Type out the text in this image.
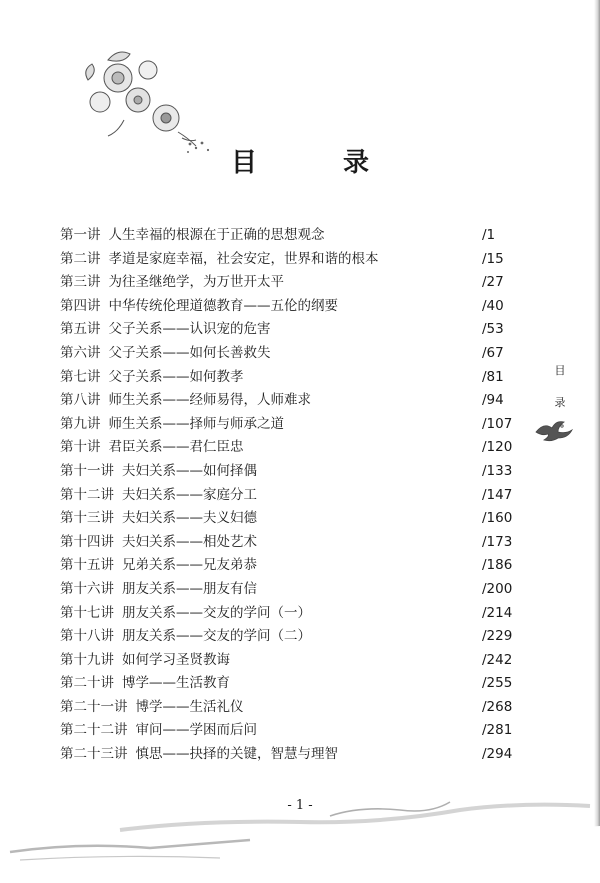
目　录
第一讲 人生幸福的根源在于正确的思想观念	/1
第二讲 孝道是家庭幸福，社会安定，世界和谐的根本	/15
第三讲 为往圣继绝学，为万世开太平	/27
第四讲 中华传统伦理道德教育——五伦的纲要	/40
第五讲 父子关系——认识宠的危害	/53
第六讲 父子关系——如何长善救失	/67
第七讲 父子关系——如何教孝	/81
第八讲 师生关系——经师易得，人师难求	/94
第九讲 师生关系——择师与师承之道	/107
第十讲 君臣关系——君仁臣忠	/120
第十一讲 夫妇关系——如何择偶	/133
第十二讲 夫妇关系——家庭分工	/147
第十三讲 夫妇关系——夫义妇德	/160
第十四讲 夫妇关系——相处艺术	/173
第十五讲 兄弟关系——兄友弟恭	/186
第十六讲 朋友关系——朋友有信	/200
第十七讲 朋友关系——交友的学问（一）	/214
第十八讲 朋友关系——交友的学问（二）	/229
第十九讲 如何学习圣贤教诲	/242
第二十讲 博学——生活教育	/255
第二十一讲 博学——生活礼仪	/268
第二十二讲 审问——学困而后问	/281
第二十三讲 慎思——抉择的关键，智慧与理智	/294
目
录
- 1 -
